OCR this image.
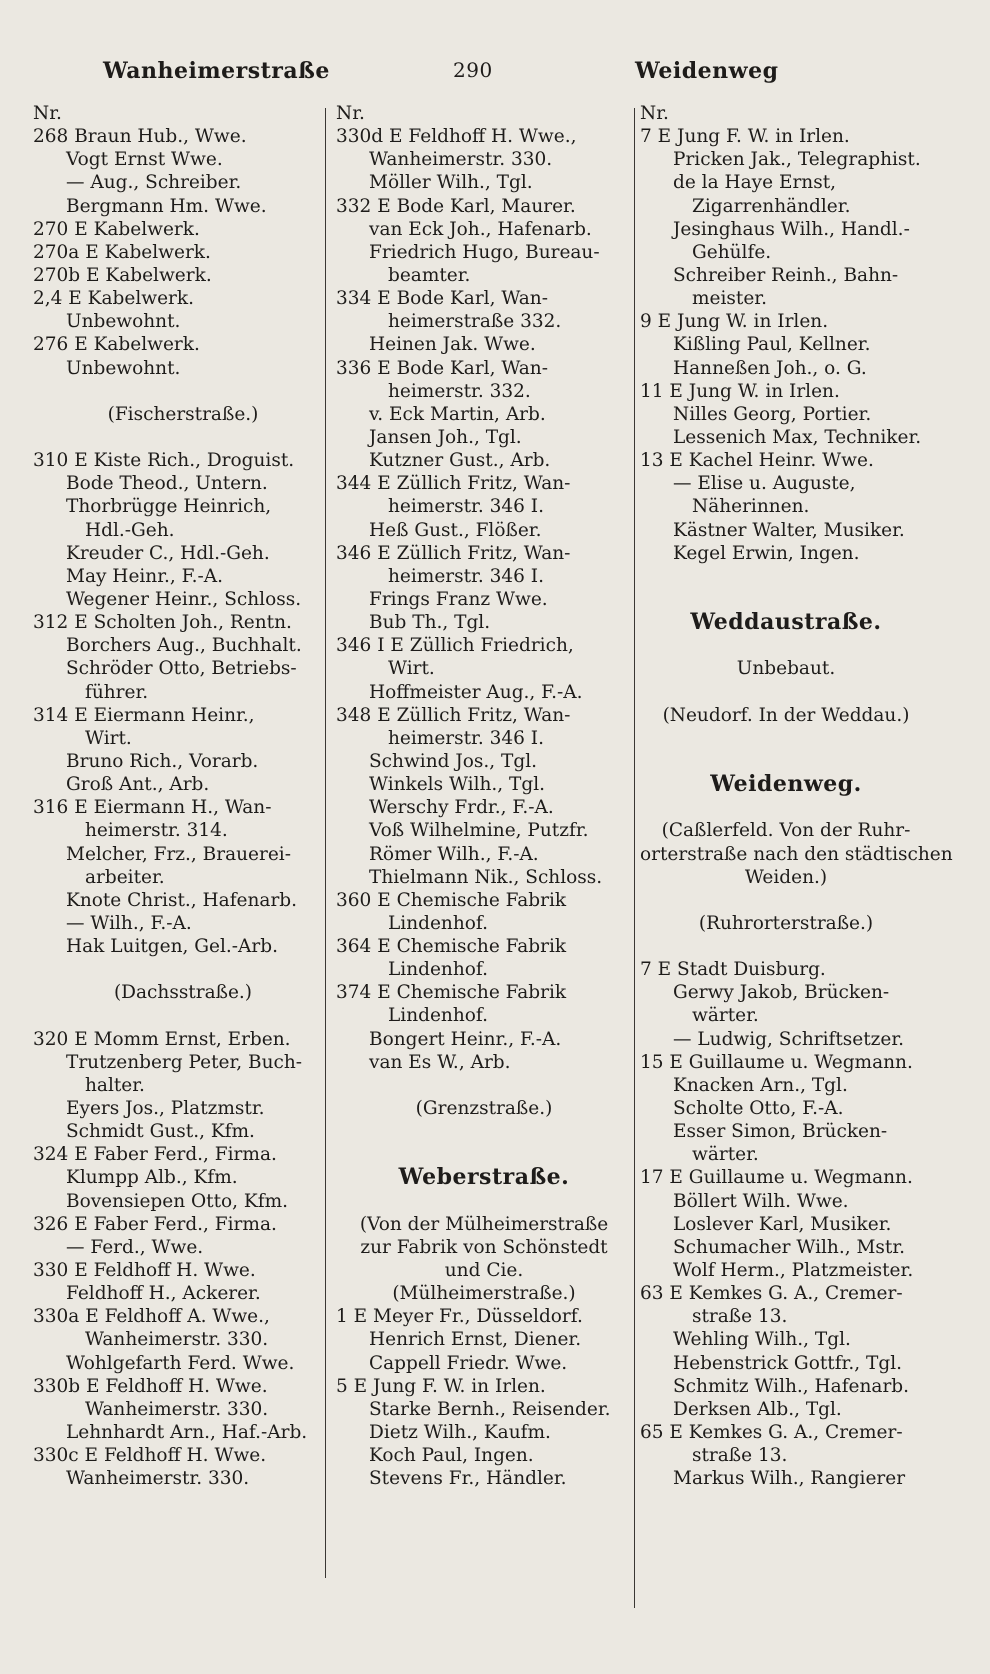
Wanheimerstraße	290	Weidenweg
Nr.
268 Braun Hub., Wwe.
Vogt Ernst Wwe.
— Aug., Schreiber.
Bergmann Hm. Wwe.
270 E Kabelwerk.
270a E Kabelwerk.
270b E Kabelwerk.
2,4 E Kabelwerk.
Unbewohnt.
276 E Kabelwerk.
Unbewohnt.
(Fischerstraße.)
310 E Kiste Rich., Droguist.
Bode Theod., Untern.
Thorbrügge Heinrich,
Hdl.-Geh.
Kreuder C., Hdl.-Geh.
May Heinr., F.-A.
Wegener Heinr., Schloss.
312 E Scholten Joh., Rentn.
Borchers Aug., Buchhalt.
Schröder Otto, Betriebs-
führer.
314 E Eiermann Heinr.,
Wirt.
Bruno Rich., Vorarb.
Groß Ant., Arb.
316 E Eiermann H., Wan-
heimerstr. 314.
Melcher, Frz., Brauerei-
arbeiter.
Knote Christ., Hafenarb.
— Wilh., F.-A.
Hak Luitgen, Gel.-Arb.
(Dachsstraße.)
320 E Momm Ernst, Erben.
Trutzenberg Peter, Buch-
halter.
Eyers Jos., Platzmstr.
Schmidt Gust., Kfm.
324 E Faber Ferd., Firma.
Klumpp Alb., Kfm.
Bovensiepen Otto, Kfm.
326 E Faber Ferd., Firma.
— Ferd., Wwe.
330 E Feldhoff H. Wwe.
Feldhoff H., Ackerer.
330a E Feldhoff A. Wwe.,
Wanheimerstr. 330.
Wohlgefarth Ferd. Wwe.
330b E Feldhoff H. Wwe.
Wanheimerstr. 330.
Lehnhardt Arn., Haf.-Arb.
330c E Feldhoff H. Wwe.
Wanheimerstr. 330.
Nr.
330d E Feldhoff H. Wwe.,
Wanheimerstr. 330.
Möller Wilh., Tgl.
332 E Bode Karl, Maurer.
van Eck Joh., Hafenarb.
Friedrich Hugo, Bureau-
beamter.
334 E Bode Karl, Wan-
heimerstraße 332.
Heinen Jak. Wwe.
336 E Bode Karl, Wan-
heimerstr. 332.
v. Eck Martin, Arb.
Jansen Joh., Tgl.
Kutzner Gust., Arb.
344 E Züllich Fritz, Wan-
heimerstr. 346 I.
Heß Gust., Flößer.
346 E Züllich Fritz, Wan-
heimerstr. 346 I.
Frings Franz Wwe.
Bub Th., Tgl.
346 I E Züllich Friedrich,
Wirt.
Hoffmeister Aug., F.-A.
348 E Züllich Fritz, Wan-
heimerstr. 346 I.
Schwind Jos., Tgl.
Winkels Wilh., Tgl.
Werschy Frdr., F.-A.
Voß Wilhelmine, Putzfr.
Römer Wilh., F.-A.
Thielmann Nik., Schloss.
360 E Chemische Fabrik
Lindenhof.
364 E Chemische Fabrik
Lindenhof.
374 E Chemische Fabrik
Lindenhof.
Bongert Heinr., F.-A.
van Es W., Arb.
(Grenzstraße.)
Weberstraße.
(Von der Mülheimerstraße
zur Fabrik von Schönstedt
und Cie.
(Mülheimerstraße.)
1 E Meyer Fr., Düsseldorf.
Henrich Ernst, Diener.
Cappell Friedr. Wwe.
5 E Jung F. W. in Irlen.
Starke Bernh., Reisender.
Dietz Wilh., Kaufm.
Koch Paul, Ingen.
Stevens Fr., Händler.
Nr.
7 E Jung F. W. in Irlen.
Pricken Jak., Telegraphist.
de la Haye Ernst,
Zigarrenhändler.
Jesinghaus Wilh., Handl.-
Gehülfe.
Schreiber Reinh., Bahn-
meister.
9 E Jung W. in Irlen.
Kißling Paul, Kellner.
Hanneßen Joh., o. G.
11 E Jung W. in Irlen.
Nilles Georg, Portier.
Lessenich Max, Techniker.
13 E Kachel Heinr. Wwe.
— Elise u. Auguste,
Näherinnen.
Kästner Walter, Musiker.
Kegel Erwin, Ingen.
Weddaustraße.
Unbebaut.
(Neudorf. In der Weddau.)
Weidenweg.
(Caßlerfeld. Von der Ruhr-
orterstraße nach den städtischen
Weiden.)
(Ruhrorterstraße.)
7 E Stadt Duisburg.
Gerwy Jakob, Brücken-
wärter.
— Ludwig, Schriftsetzer.
15 E Guillaume u. Wegmann.
Knacken Arn., Tgl.
Scholte Otto, F.-A.
Esser Simon, Brücken-
wärter.
17 E Guillaume u. Wegmann.
Böllert Wilh. Wwe.
Loslever Karl, Musiker.
Schumacher Wilh., Mstr.
Wolf Herm., Platzmeister.
63 E Kemkes G. A., Cremer-
straße 13.
Wehling Wilh., Tgl.
Hebenstrick Gottfr., Tgl.
Schmitz Wilh., Hafenarb.
Derksen Alb., Tgl.
65 E Kemkes G. A., Cremer-
straße 13.
Markus Wilh., Rangierer
